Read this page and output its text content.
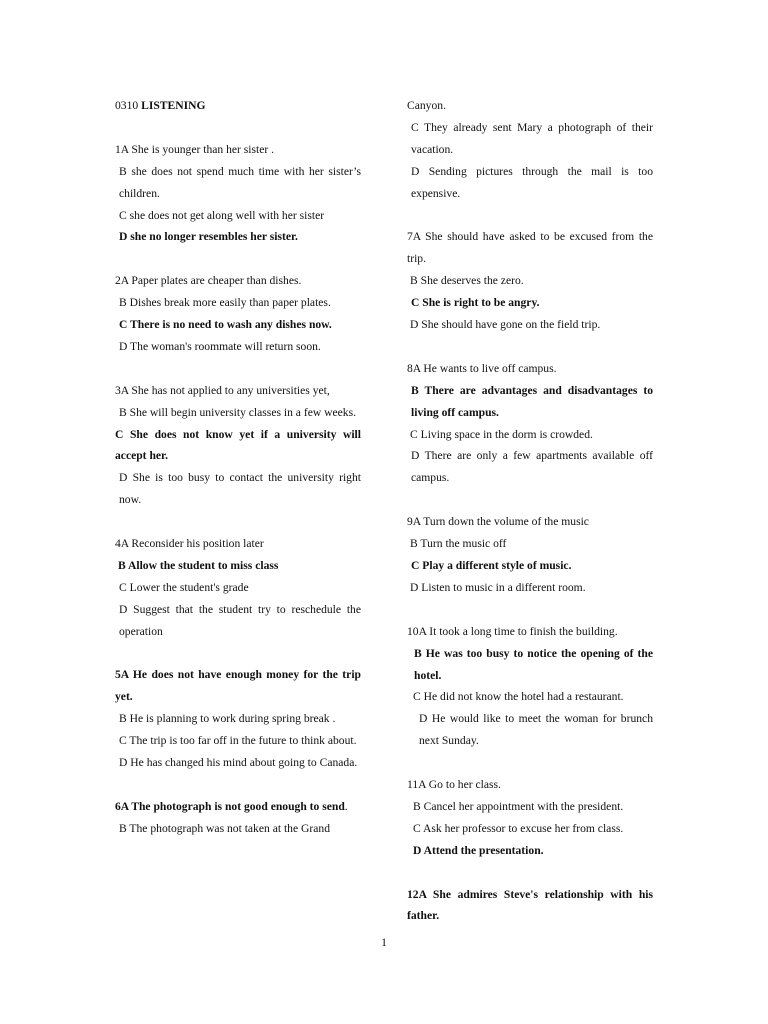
0310 LISTENING
1A She is younger than her sister .
B she does not spend much time with her sister’s children.
C she does not get along well with her sister
D she no longer resembles her sister.
2A Paper plates are cheaper than dishes.
B Dishes break more easily than paper plates.
C There is no need to wash any dishes now.
D The woman's roommate will return soon.
3A She has not applied to any universities yet,
B She will begin university classes in a few weeks.
C She does not know yet if a university will accept her.
D She is too busy to contact the university right now.
4A Reconsider his position later
B Allow the student to miss class
C Lower the student's grade
D Suggest that the student try to reschedule the operation
5A He does not have enough money for the trip yet.
B He is planning to work during spring break .
C The trip is too far off in the future to think about.
D He has changed his mind about going to Canada.
6A The photograph is not good enough to send.
B The photograph was not taken at the Grand
Canyon.
C They already sent Mary a photograph of their vacation.
D Sending pictures through the mail is too expensive.
7A She should have asked to be excused from the trip.
B She deserves the zero.
C She is right to be angry.
D She should have gone on the field trip.
8A He wants to live off campus.
B There are advantages and disadvantages to living off campus.
C Living space in the dorm is crowded.
D There are only a few apartments available off campus.
9A Turn down the volume of the music
B Turn the music off
C Play a different style of music.
D Listen to music in a different room.
10A It took a long time to finish the building.
B He was too busy to notice the opening of the hotel.
C He did not know the hotel had a restaurant.
D He would like to meet the woman for brunch next Sunday.
11A Go to her class.
B Cancel her appointment with the president.
C Ask her professor to excuse her from class.
D Attend the presentation.
12A She admires Steve's relationship with his father.
1
